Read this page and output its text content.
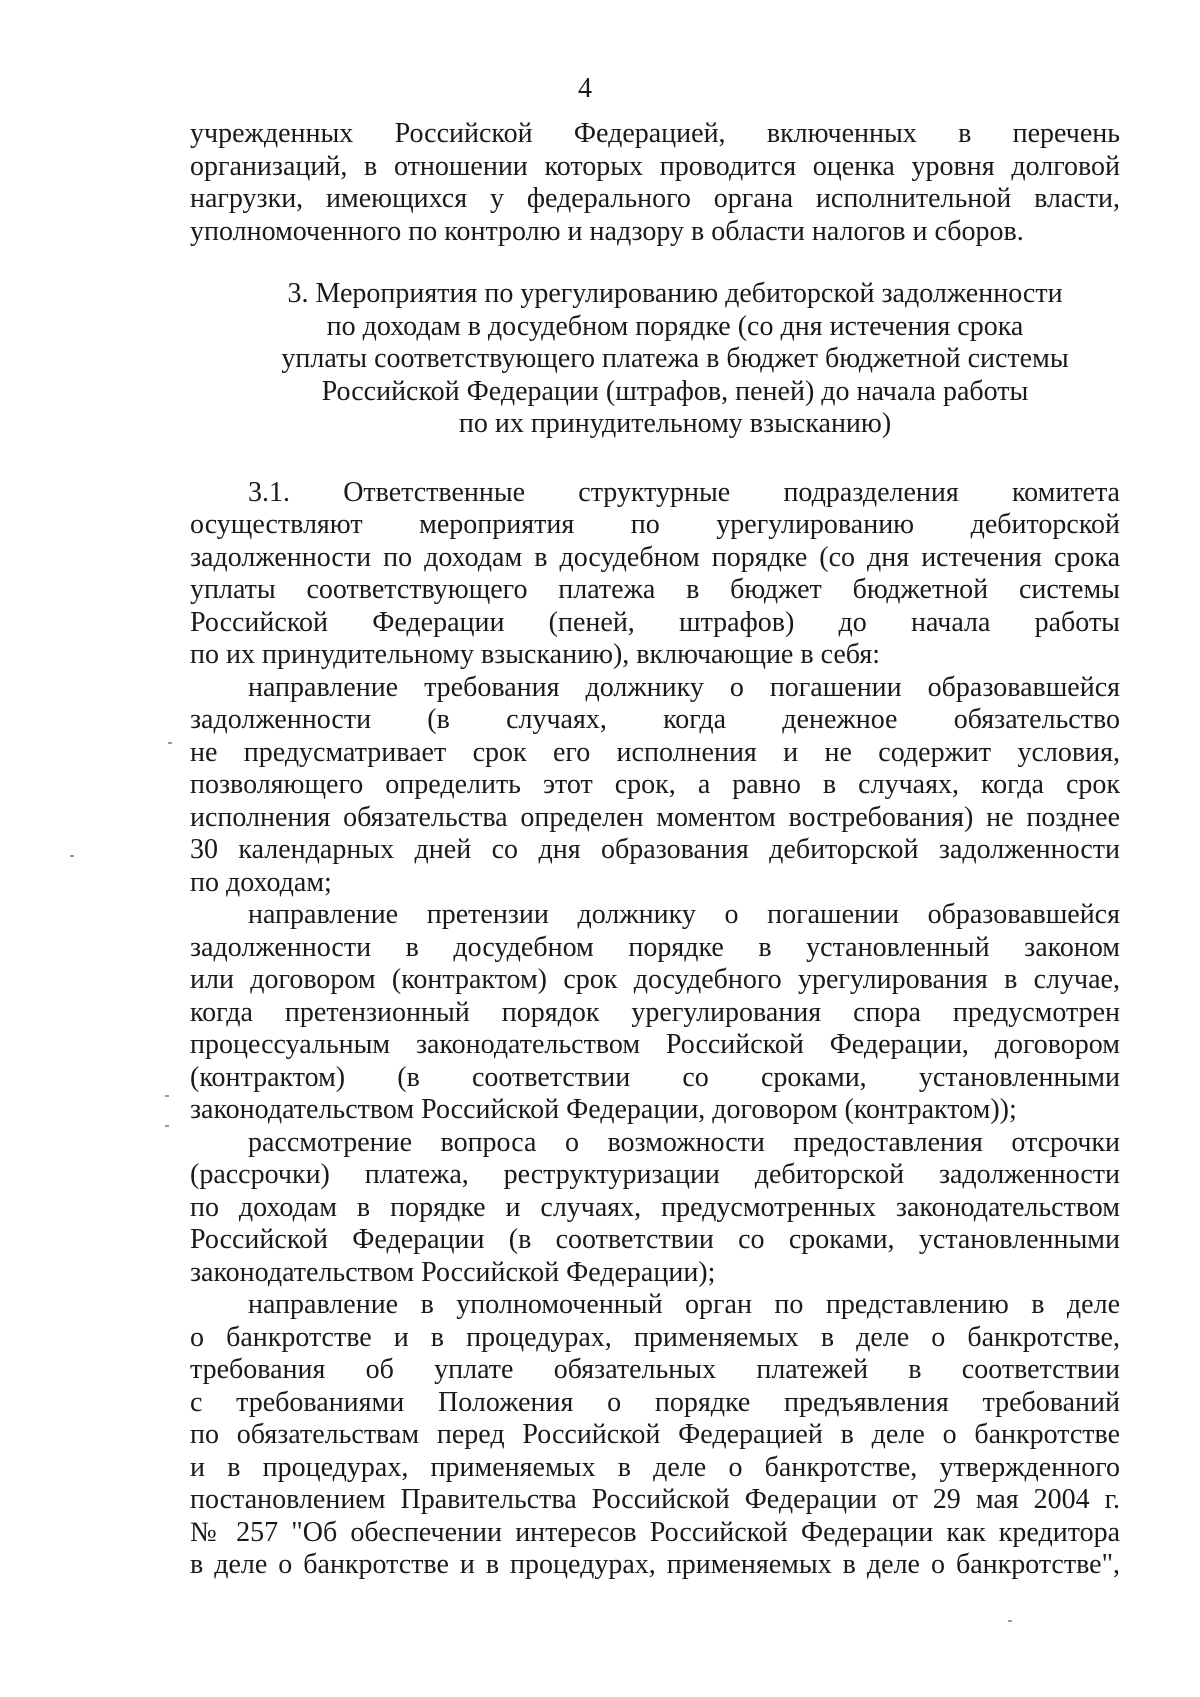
4
учрежденных Российской Федерацией, включенных в перечень
организаций, в отношении которых проводится оценка уровня долговой
нагрузки, имеющихся у федерального органа исполнительной власти,
уполномоченного по контролю и надзору в области налогов и сборов.
3. Мероприятия по урегулированию дебиторской задолженности
по доходам в досудебном порядке (со дня истечения срока
уплаты соответствующего платежа в бюджет бюджетной системы
Российской Федерации (штрафов, пеней) до начала работы
по их принудительному взысканию)
3.1. Ответственные структурные подразделения комитета
осуществляют мероприятия по урегулированию дебиторской
задолженности по доходам в досудебном порядке (со дня истечения срока
уплаты соответствующего платежа в бюджет бюджетной системы
Российской Федерации (пеней, штрафов) до начала работы
по их принудительному взысканию), включающие в себя:
направление требования должнику о погашении образовавшейся
задолженности (в случаях, когда денежное обязательство
не предусматривает срок его исполнения и не содержит условия,
позволяющего определить этот срок, а равно в случаях, когда срок
исполнения обязательства определен моментом востребования) не позднее
30 календарных дней со дня образования дебиторской задолженности
по доходам;
направление претензии должнику о погашении образовавшейся
задолженности в досудебном порядке в установленный законом
или договором (контрактом) срок досудебного урегулирования в случае,
когда претензионный порядок урегулирования спора предусмотрен
процессуальным законодательством Российской Федерации, договором
(контрактом) (в соответствии со сроками, установленными
законодательством Российской Федерации, договором (контрактом));
рассмотрение вопроса о возможности предоставления отсрочки
(рассрочки) платежа, реструктуризации дебиторской задолженности
по доходам в порядке и случаях, предусмотренных законодательством
Российской Федерации (в соответствии со сроками, установленными
законодательством Российской Федерации);
направление в уполномоченный орган по представлению в деле
о банкротстве и в процедурах, применяемых в деле о банкротстве,
требования об уплате обязательных платежей в соответствии
с требованиями Положения о порядке предъявления требований
по обязательствам перед Российской Федерацией в деле о банкротстве
и в процедурах, применяемых в деле о банкротстве, утвержденного
постановлением Правительства Российской Федерации от 29 мая 2004 г.
№ 257 "Об обеспечении интересов Российской Федерации как кредитора
в деле о банкротстве и в процедурах, применяемых в деле о банкротстве",
